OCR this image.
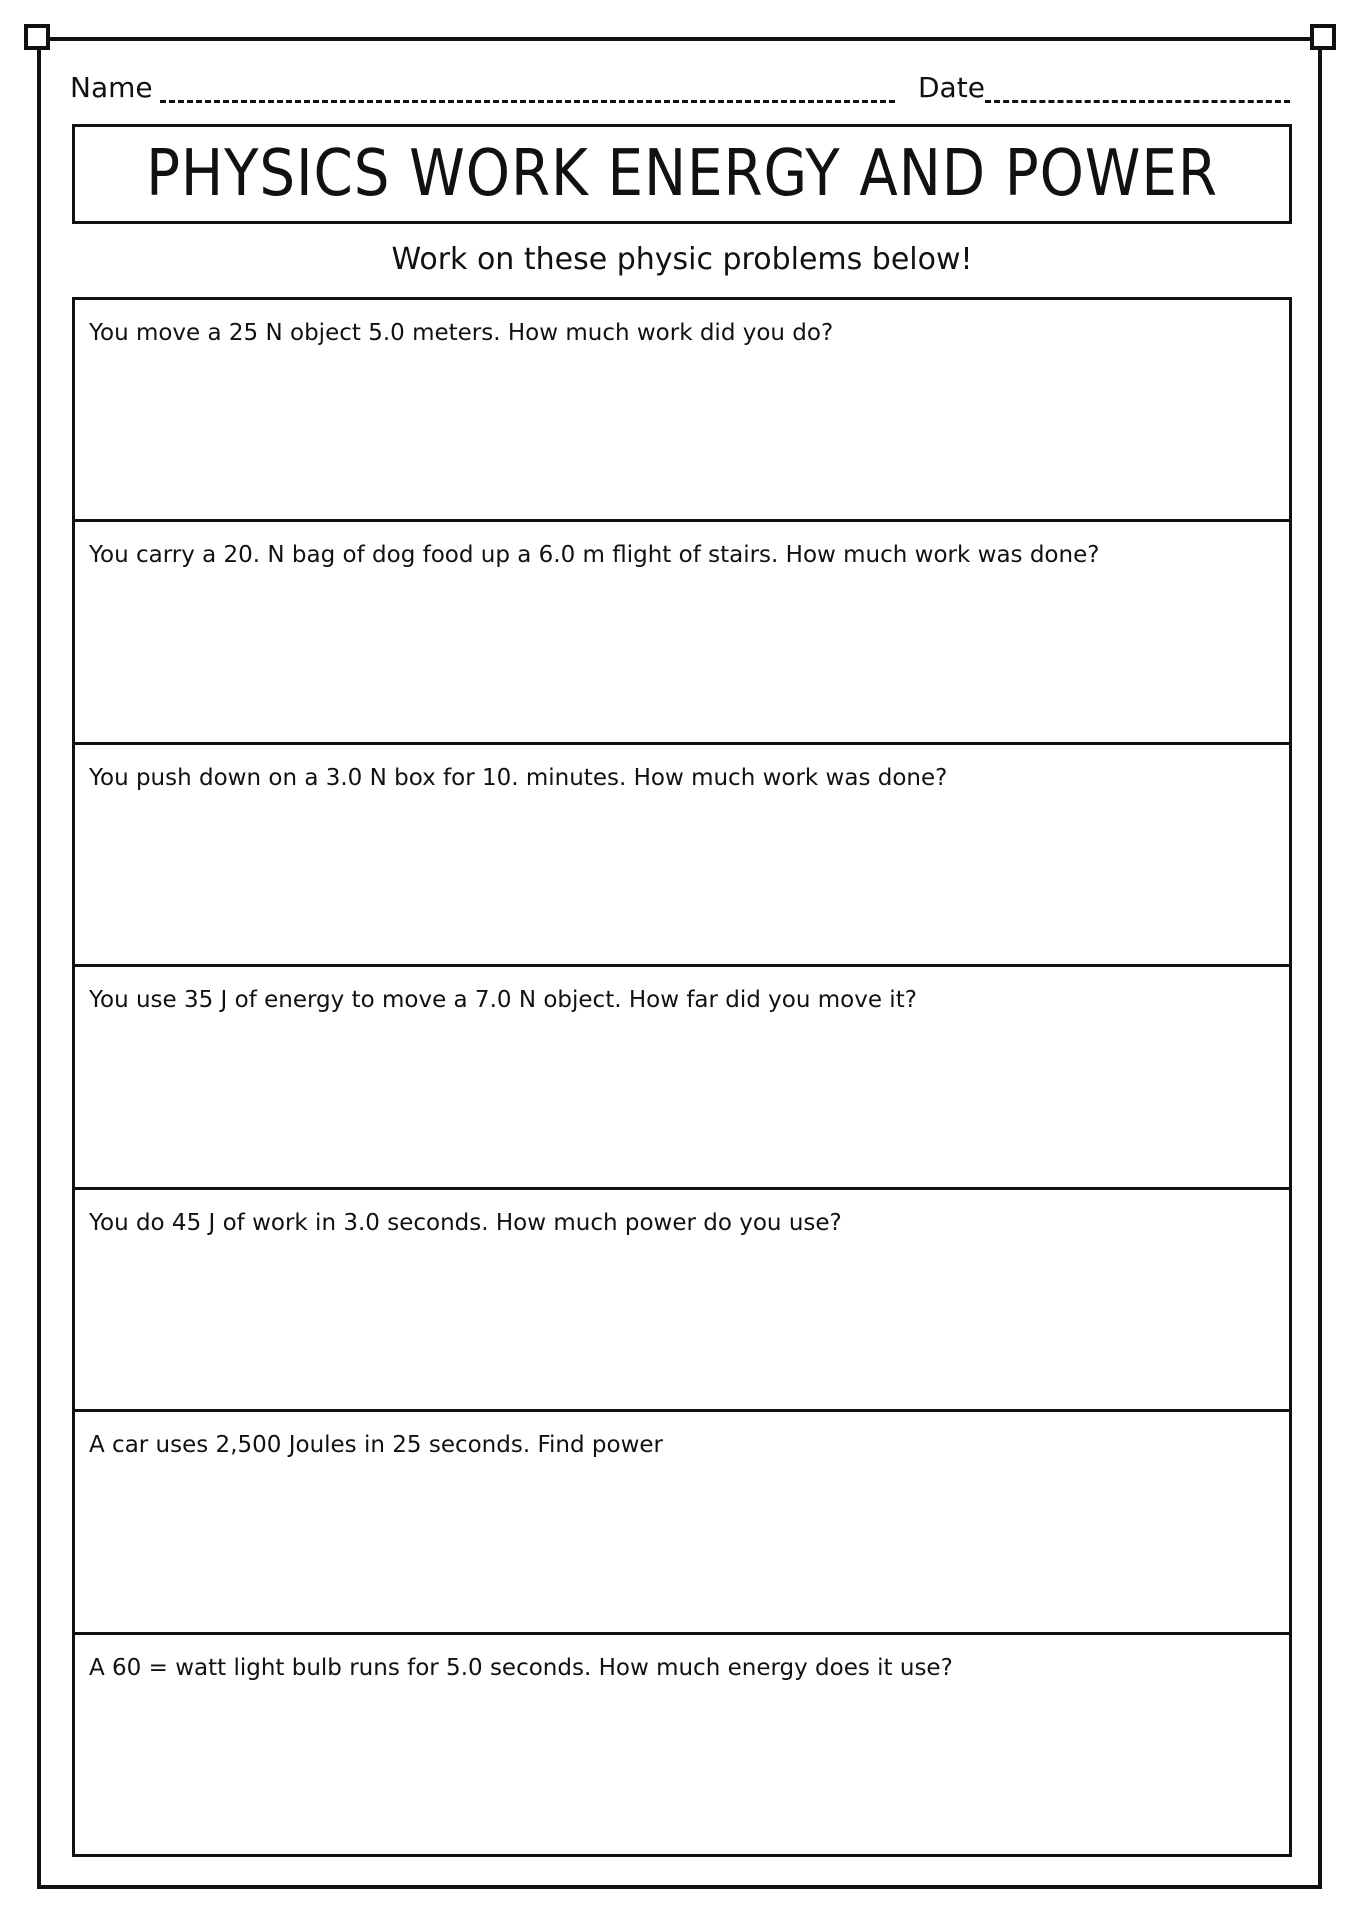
Name	Date
PHYSICS WORK ENERGY AND POWER
Work on these physic problems below!
You move a 25 N object 5.0 meters. How much work did you do?
You carry a 20. N bag of dog food up a 6.0 m flight of stairs. How much work was done?
You push down on a 3.0 N box for 10. minutes. How much work was done?
You use 35 J of energy to move a 7.0 N object. How far did you move it?
You do 45 J of work in 3.0 seconds. How much power do you use?
A car uses 2,500 Joules in 25 seconds. Find power
A 60 = watt light bulb runs for 5.0 seconds. How much energy does it use?
